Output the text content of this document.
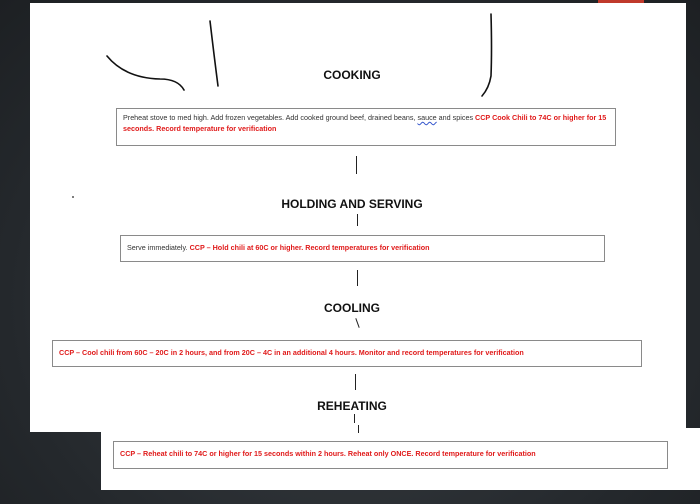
COOKING
Preheat stove to med high. Add frozen vegetables. Add cooked ground beef, drained beans, sauce and spices CCP Cook Chili to 74C or higher for 15 seconds. Record temperature for verification
HOLDING AND SERVING
Serve immediately. CCP – Hold chili at 60C or higher. Record temperatures for verification
COOLING
CCP – Cool chili from 60C – 20C in 2 hours, and from 20C – 4C in an additional 4 hours. Monitor and record temperatures for verification
REHEATING
CCP – Reheat chili to 74C or higher for 15 seconds within 2 hours. Reheat only ONCE. Record temperature for verification
